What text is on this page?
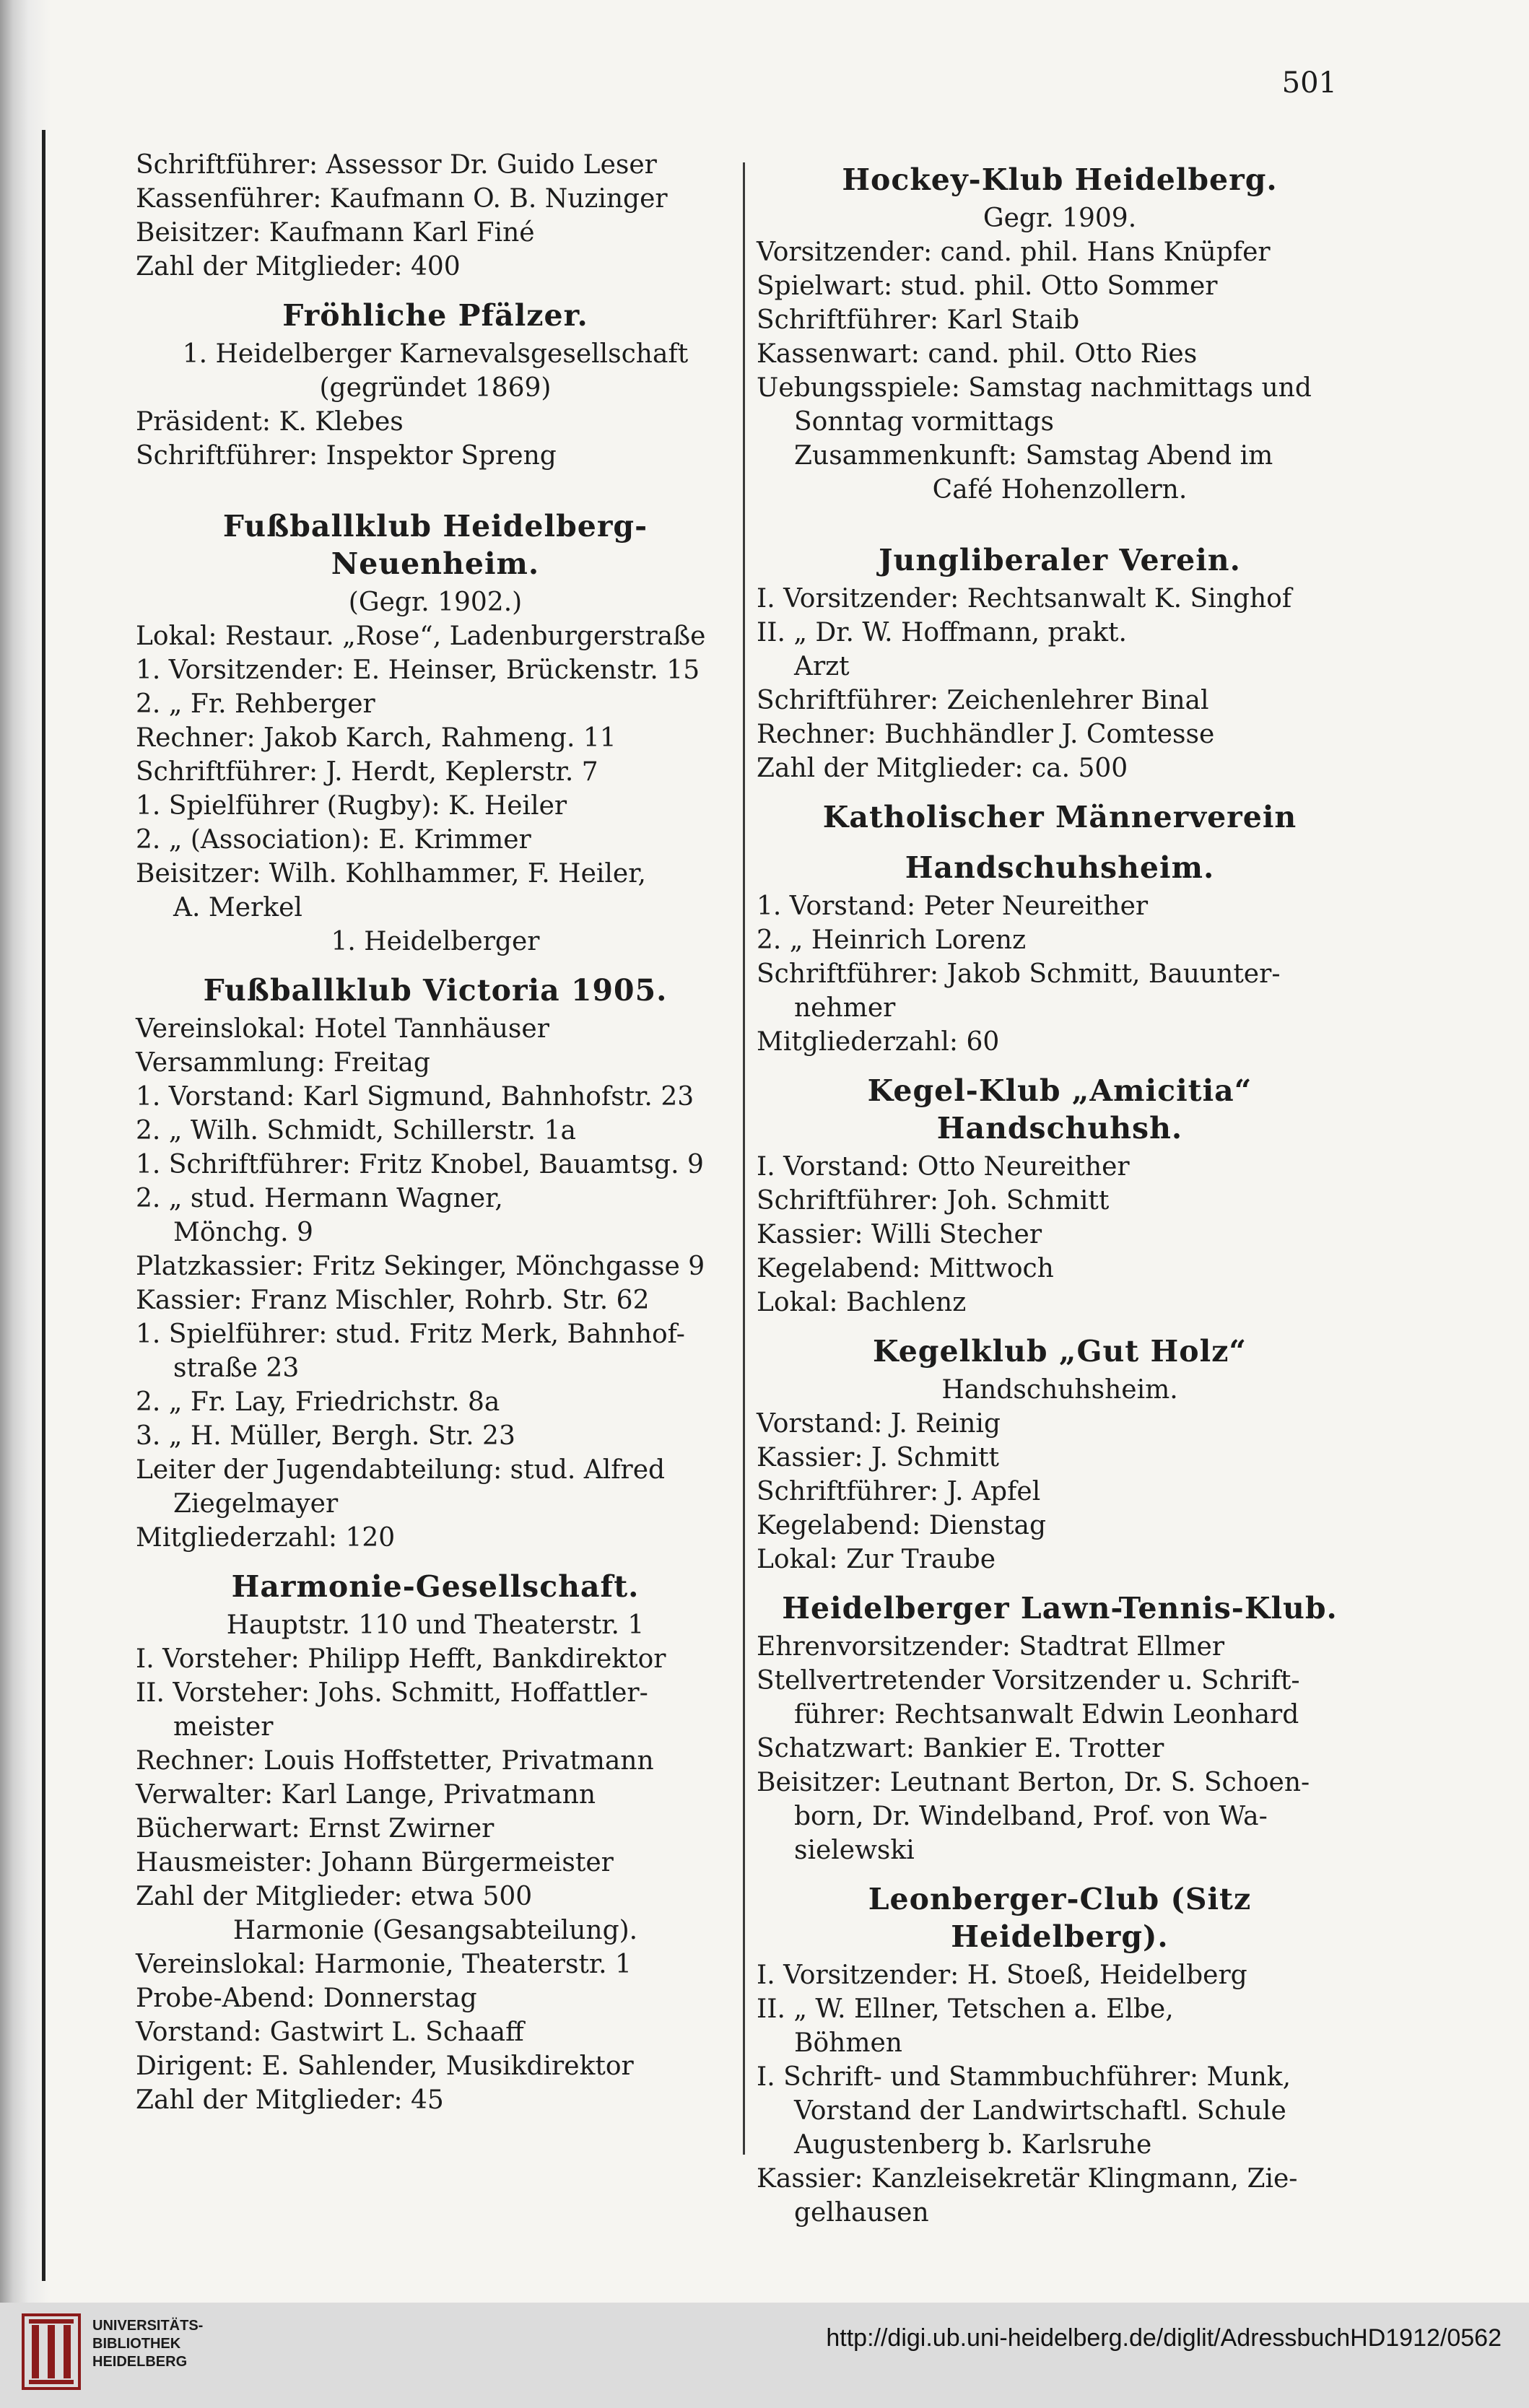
501
Schriftführer: Assessor Dr. Guido Leser
Kassenführer: Kaufmann O. B. Nuzinger
Beisitzer: Kaufmann Karl Finé
Zahl der Mitglieder: 400
Fröhliche Pfälzer.
1. Heidelberger Karnevalsgesellschaft
(gegründet 1869)
Präsident: K. Klebes
Schriftführer: Inspektor Spreng
Fußballklub Heidelberg-Neuenheim.
(Gegr. 1902.)
Lokal: Restaur. „Rose“, Ladenburgerstraße
1. Vorsitzender: E. Heinser, Brückenstr. 15
2. „ Fr. Rehberger
Rechner: Jakob Karch, Rahmeng. 11
Schriftführer: J. Herdt, Keplerstr. 7
1. Spielführer (Rugby): K. Heiler
2. „ (Association): E. Krimmer
Beisitzer: Wilh. Kohlhammer, F. Heiler,
A. Merkel
1. Heidelberger
Fußballklub Victoria 1905.
Vereinslokal: Hotel Tannhäuser
Versammlung: Freitag
1. Vorstand: Karl Sigmund, Bahnhofstr. 23
2. „ Wilh. Schmidt, Schillerstr. 1a
1. Schriftführer: Fritz Knobel, Bauamtsg. 9
2. „ stud. Hermann Wagner,
Mönchg. 9
Platzkassier: Fritz Sekinger, Mönchgasse 9
Kassier: Franz Mischler, Rohrb. Str. 62
1. Spielführer: stud. Fritz Merk, Bahnhof-
straße 23
2. „ Fr. Lay, Friedrichstr. 8a
3. „ H. Müller, Bergh. Str. 23
Leiter der Jugendabteilung: stud. Alfred
Ziegelmayer
Mitgliederzahl: 120
Harmonie-Gesellschaft.
Hauptstr. 110 und Theaterstr. 1
I. Vorsteher: Philipp Hefft, Bankdirektor
II. Vorsteher: Johs. Schmitt, Hoffattler-
meister
Rechner: Louis Hoffstetter, Privatmann
Verwalter: Karl Lange, Privatmann
Bücherwart: Ernst Zwirner
Hausmeister: Johann Bürgermeister
Zahl der Mitglieder: etwa 500
Harmonie (Gesangsabteilung).
Vereinslokal: Harmonie, Theaterstr. 1
Probe-Abend: Donnerstag
Vorstand: Gastwirt L. Schaaff
Dirigent: E. Sahlender, Musikdirektor
Zahl der Mitglieder: 45
Hockey-Klub Heidelberg.
Gegr. 1909.
Vorsitzender: cand. phil. Hans Knüpfer
Spielwart: stud. phil. Otto Sommer
Schriftführer: Karl Staib
Kassenwart: cand. phil. Otto Ries
Uebungsspiele: Samstag nachmittags und
Sonntag vormittags
Zusammenkunft: Samstag Abend im
Café Hohenzollern.
Jungliberaler Verein.
I. Vorsitzender: Rechtsanwalt K. Singhof
II. „ Dr. W. Hoffmann, prakt.
Arzt
Schriftführer: Zeichenlehrer Binal
Rechner: Buchhändler J. Comtesse
Zahl der Mitglieder: ca. 500
Katholischer Männerverein
Handschuhsheim.
1. Vorstand: Peter Neureither
2. „ Heinrich Lorenz
Schriftführer: Jakob Schmitt, Bauunter-
nehmer
Mitgliederzahl: 60
Kegel-Klub „Amicitia“ Handschuhsh.
I. Vorstand: Otto Neureither
Schriftführer: Joh. Schmitt
Kassier: Willi Stecher
Kegelabend: Mittwoch
Lokal: Bachlenz
Kegelklub „Gut Holz“
Handschuhsheim.
Vorstand: J. Reinig
Kassier: J. Schmitt
Schriftführer: J. Apfel
Kegelabend: Dienstag
Lokal: Zur Traube
Heidelberger Lawn-Tennis-Klub.
Ehrenvorsitzender: Stadtrat Ellmer
Stellvertretender Vorsitzender u. Schrift-
führer: Rechtsanwalt Edwin Leonhard
Schatzwart: Bankier E. Trotter
Beisitzer: Leutnant Berton, Dr. S. Schoen-
born, Dr. Windelband, Prof. von Wa-
sielewski
Leonberger-Club (Sitz Heidelberg).
I. Vorsitzender: H. Stoeß, Heidelberg
II. „ W. Ellner, Tetschen a. Elbe,
Böhmen
I. Schrift- und Stammbuchführer: Munk,
Vorstand der Landwirtschaftl. Schule
Augustenberg b. Karlsruhe
Kassier: Kanzleisekretär Klingmann, Zie-
gelhausen
UNIVERSITÄTS-
BIBLIOTHEK
HEIDELBERG
http://digi.ub.uni-heidelberg.de/diglit/AdressbuchHD1912/0562
